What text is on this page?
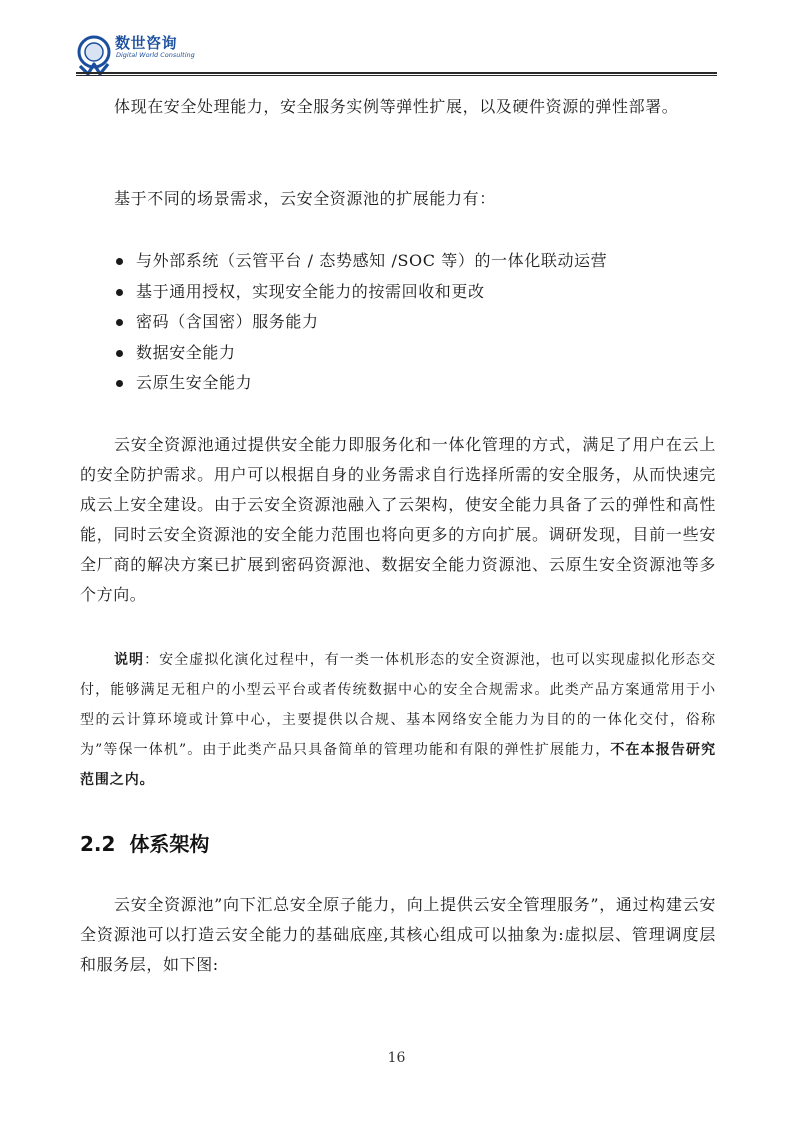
数世咨询
Digital World Consulting

体现在安全处理能力，安全服务实例等弹性扩展，以及硬件资源的弹性部署。

基于不同的场景需求，云安全资源池的扩展能力有：

与外部系统（云管平台 / 态势感知 /SOC 等）的一体化联动运营
基于通用授权，实现安全能力的按需回收和更改
密码（含国密）服务能力
数据安全能力
云原生安全能力

云安全资源池通过提供安全能力即服务化和一体化管理的方式，满足了用户在云上的安全防护需求。用户可以根据自身的业务需求自行选择所需的安全服务，从而快速完成云上安全建设。由于云安全资源池融入了云架构，使安全能力具备了云的弹性和高性能，同时云安全资源池的安全能力范围也将向更多的方向扩展。调研发现，目前一些安全厂商的解决方案已扩展到密码资源池、数据安全能力资源池、云原生安全资源池等多个方向。

说明：安全虚拟化演化过程中，有一类一体机形态的安全资源池，也可以实现虚拟化形态交付，能够满足无租户的小型云平台或者传统数据中心的安全合规需求。此类产品方案通常用于小型的云计算环境或计算中心，主要提供以合规、基本网络安全能力为目的的一体化交付，俗称为”等保一体机”。由于此类产品只具备简单的管理功能和有限的弹性扩展能力，不在本报告研究范围之内。

2.2 体系架构

云安全资源池”向下汇总安全原子能力，向上提供云安全管理服务”，通过构建云安全资源池可以打造云安全能力的基础底座,其核心组成可以抽象为:虚拟层、管理调度层和服务层，如下图:

16
